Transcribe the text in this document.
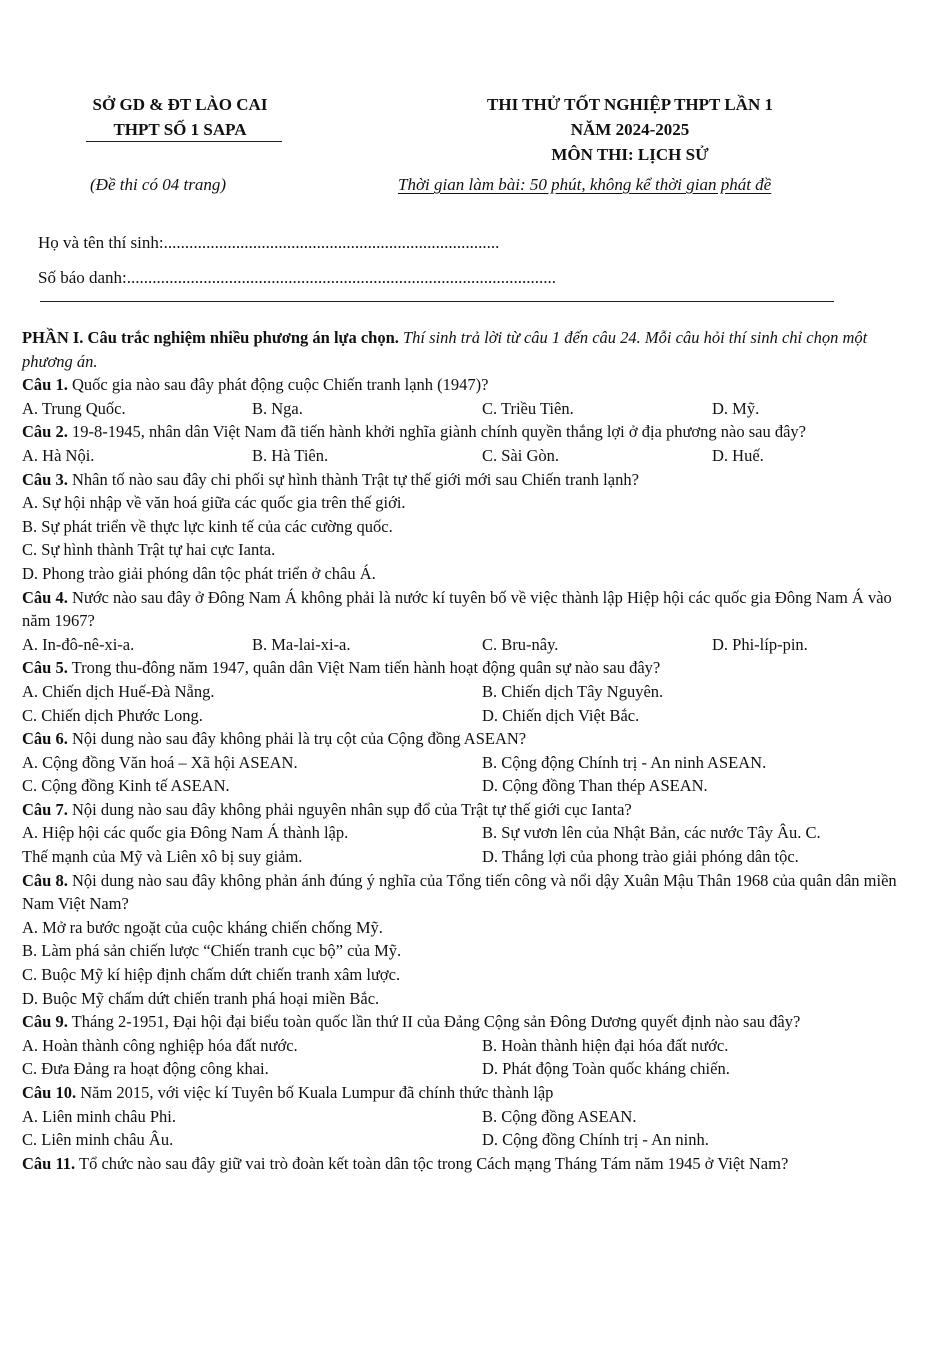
SỞ GD & ĐT LÀO CAI
THPT SỐ 1 SAPA
THI THỬ TỐT NGHIỆP THPT LẦN 1
NĂM 2024-2025
MÔN THI: LỊCH SỬ
(Đề thi có 04 trang)	Thời gian làm bài: 50 phút, không kể thời gian phát đề
Họ và tên thí sinh:...............................................................................
Số báo danh:.....................................................................................................
PHẦN I. Câu trắc nghiệm nhiều phương án lựa chọn. Thí sinh trả lời từ câu 1 đến câu 24. Mỗi câu hỏi thí sinh chỉ chọn một phương án.
Câu 1. Quốc gia nào sau đây phát động cuộc Chiến tranh lạnh (1947)?
A. Trung Quốc.	B. Nga.	C. Triều Tiên.	D. Mỹ.
Câu 2. 19-8-1945, nhân dân Việt Nam đã tiến hành khởi nghĩa giành chính quyền thắng lợi ở địa phương nào sau đây?
A. Hà Nội.	B. Hà Tiên.	C. Sài Gòn.	D. Huế.
Câu 3. Nhân tố nào sau đây chi phối sự hình thành Trật tự thế giới mới sau Chiến tranh lạnh?
A. Sự hội nhập về văn hoá giữa các quốc gia trên thế giới.
B. Sự phát triển về thực lực kinh tế của các cường quốc.
C. Sự hình thành Trật tự hai cực Ianta.
D. Phong trào giải phóng dân tộc phát triển ở châu Á.
Câu 4. Nước nào sau đây ở Đông Nam Á không phải là nước kí tuyên bố về việc thành lập Hiệp hội các quốc gia Đông Nam Á vào năm 1967?
A. In-đô-nê-xi-a.	B. Ma-lai-xi-a.	C. Bru-nây.	D. Phi-líp-pin.
Câu 5. Trong thu-đông năm 1947, quân dân Việt Nam tiến hành hoạt động quân sự nào sau đây?
A. Chiến dịch Huế-Đà Nẵng.	B. Chiến dịch Tây Nguyên.
C. Chiến dịch Phước Long.	D. Chiến dịch Việt Bắc.
Câu 6. Nội dung nào sau đây không phải là trụ cột của Cộng đồng ASEAN?
A. Cộng đồng Văn hoá – Xã hội ASEAN.	B. Cộng động Chính trị - An ninh ASEAN.
C. Cộng đồng Kinh tế ASEAN.	D. Cộng đồng Than thép ASEAN.
Câu 7. Nội dung nào sau đây không phải nguyên nhân sụp đổ của Trật tự thế giới cục Ianta?
A. Hiệp hội các quốc gia Đông Nam Á thành lập.	B. Sự vươn lên của Nhật Bản, các nước Tây Âu. C.
Thế mạnh của Mỹ và Liên xô bị suy giảm.	D. Thắng lợi của phong trào giải phóng dân tộc.
Câu 8. Nội dung nào sau đây không phản ánh đúng ý nghĩa của Tổng tiến công và nổi dậy Xuân Mậu Thân 1968 của quân dân miền Nam Việt Nam?
A. Mở ra bước ngoặt của cuộc kháng chiến chống Mỹ.
B. Làm phá sản chiến lược “Chiến tranh cục bộ” của Mỹ.
C. Buộc Mỹ kí hiệp định chấm dứt chiến tranh xâm lược.
D. Buộc Mỹ chấm dứt chiến tranh phá hoại miền Bắc.
Câu 9. Tháng 2-1951, Đại hội đại biểu toàn quốc lần thứ II của Đảng Cộng sản Đông Dương quyết định nào sau đây?
A. Hoàn thành công nghiệp hóa đất nước.	B. Hoàn thành hiện đại hóa đất nước.
C. Đưa Đảng ra hoạt động công khai.	D. Phát động Toàn quốc kháng chiến.
Câu 10. Năm 2015, với việc kí Tuyên bố Kuala Lumpur đã chính thức thành lập
A. Liên minh châu Phi.	B. Cộng đồng ASEAN.
C. Liên minh châu Âu.	D. Cộng đồng Chính trị - An ninh.
Câu 11. Tổ chức nào sau đây giữ vai trò đoàn kết toàn dân tộc trong Cách mạng Tháng Tám năm 1945 ở Việt Nam?
